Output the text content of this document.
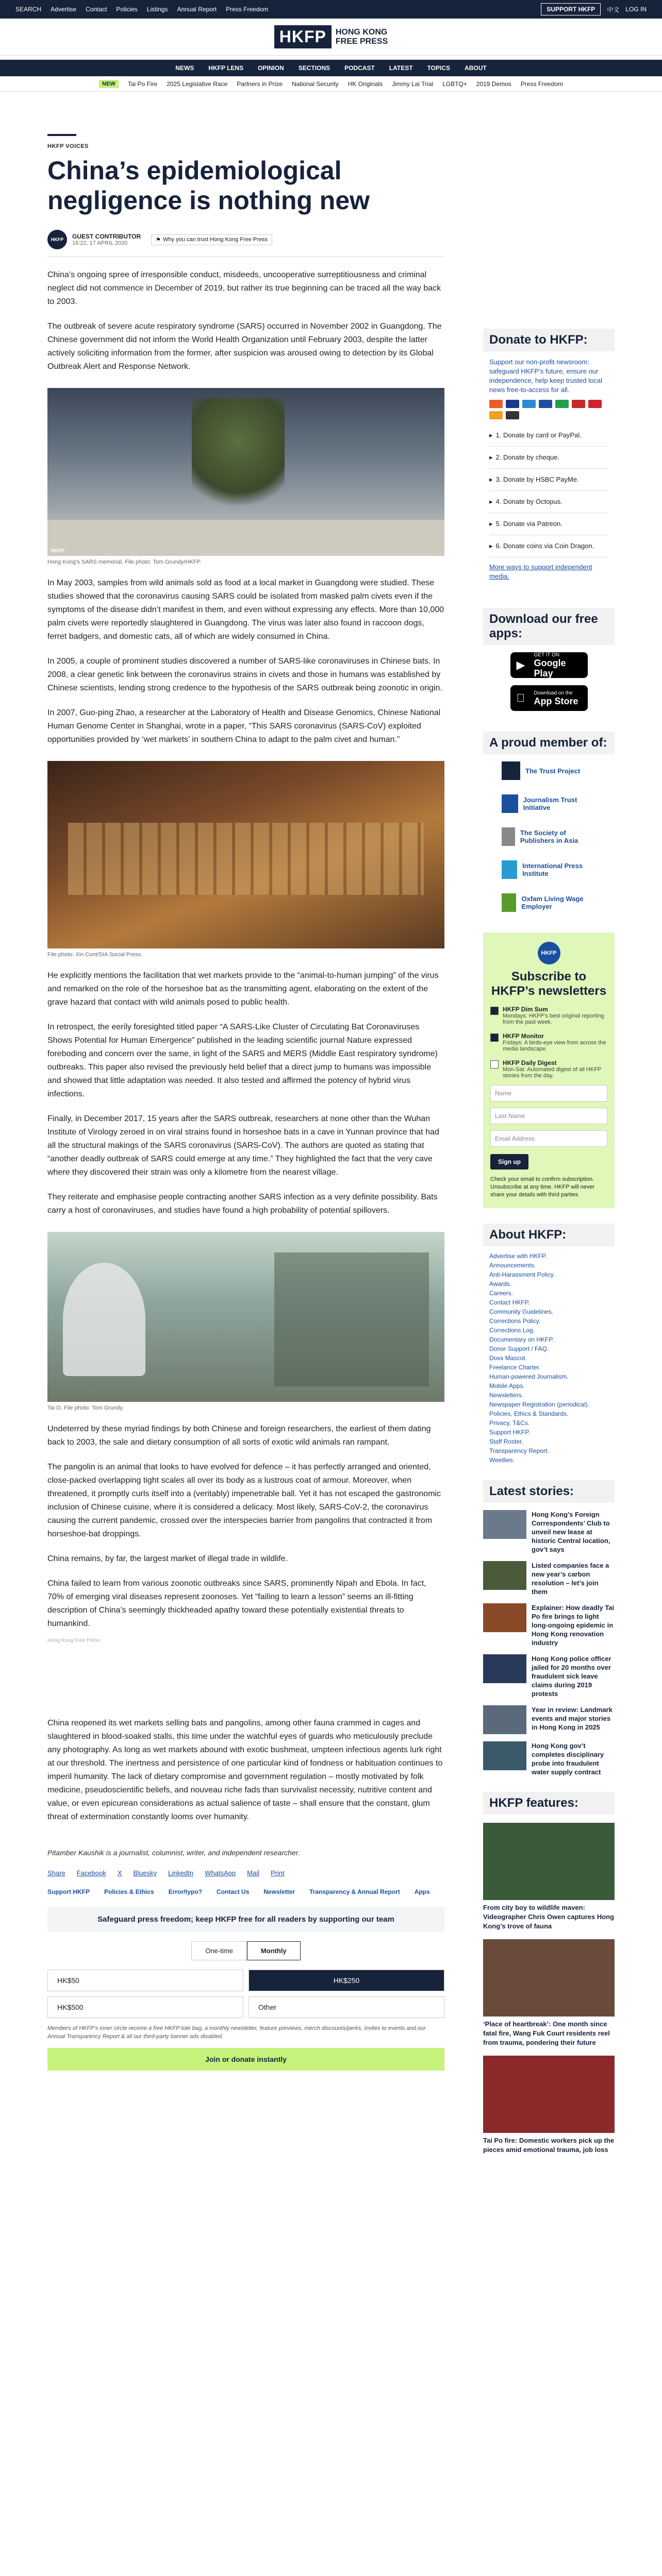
SEARCH Advertise Contact Policies Listings Annual Report Press Freedom	SUPPORT HKFP	中文 LOG IN
HKFP	HONG KONG
FREE PRESS
NEWS HKFP LENS OPINION SECTIONS PODCAST LATEST TOPICS ABOUT
NEW	Tai Po Fire 2025 Legislative Race Partners in Prize National Security HK Originals Jimmy Lai Trial LGBTQ+ 2019 Demos Press Freedom
HKFP VOICES
China’s epidemiological negligence is nothing new
HKFP	GUEST CONTRIBUTOR
16:22, 17 APRIL 2020
⚑ Why you can trust Hong Kong Free Press

China’s ongoing spree of irresponsible conduct, misdeeds, uncooperative surreptitiousness and criminal neglect did not commence in December of 2019, but rather its true beginning can be traced all the way back to 2003.

The outbreak of severe acute respiratory syndrome (SARS) occurred in November 2002 in Guangdong. The Chinese government did not inform the World Health Organization until February 2003, despite the latter actively soliciting information from the former, after suspicion was aroused owing to detection by its Global Outbreak Alert and Response Network.

HKFP
Hong Kong’s SARS memorial. File photo: Tom Grundy/HKFP.

In May 2003, samples from wild animals sold as food at a local market in Guangdong were studied. These studies showed that the coronavirus causing SARS could be isolated from masked palm civets even if the symptoms of the disease didn’t manifest in them, and even without expressing any effects. More than 10,000 palm civets were reportedly slaughtered in Guangdong. The virus was later also found in raccoon dogs, ferret badgers, and domestic cats, all of which are widely consumed in China.

In 2005, a couple of prominent studies discovered a number of SARS-like coronaviruses in Chinese bats. In 2008, a clear genetic link between the coronavirus strains in civets and those in humans was established by Chinese scientists, lending strong credence to the hypothesis of the SARS outbreak being zoonotic in origin.

In 2007, Guo-ping Zhao, a researcher at the Laboratory of Health and Disease Genomics, Chinese National Human Genome Center in Shanghai, wrote in a paper, “This SARS coronavirus (SARS-CoV) exploited opportunities provided by ‘wet markets’ in southern China to adapt to the palm civet and human.”

File photo: Xin Cont/SIA Social Press.

He explicitly mentions the facilitation that wet markets provide to the “animal-to-human jumping” of the virus and remarked on the role of the horseshoe bat as the transmitting agent, elaborating on the extent of the grave hazard that contact with wild animals posed to public health.

In retrospect, the eerily foresighted titled paper “A SARS-Like Cluster of Circulating Bat Coronaviruses Shows Potential for Human Emergence” published in the leading scientific journal Nature expressed foreboding and concern over the same, in light of the SARS and MERS (Middle East respiratory syndrome) outbreaks. This paper also revised the previously held belief that a direct jump to humans was impossible and showed that little adaptation was needed. It also tested and affirmed the potency of hybrid virus infections.

Finally, in December 2017, 15 years after the SARS outbreak, researchers at none other than the Wuhan Institute of Virology zeroed in on viral strains found in horseshoe bats in a cave in Yunnan province that had all the structural makings of the SARS coronavirus (SARS-CoV). The authors are quoted as stating that “another deadly outbreak of SARS could emerge at any time.” They highlighted the fact that the very cave where they discovered their strain was only a kilometre from the nearest village.

They reiterate and emphasise people contracting another SARS infection as a very definite possibility. Bats carry a host of coronaviruses, and studies have found a high probability of potential spillovers.

Tai O. File photo: Tom Grundy.

Undeterred by these myriad findings by both Chinese and foreign researchers, the earliest of them dating back to 2003, the sale and dietary consumption of all sorts of exotic wild animals ran rampant.

The pangolin is an animal that looks to have evolved for defence – it has perfectly arranged and oriented, close-packed overlapping tight scales all over its body as a lustrous coat of armour. Moreover, when threatened, it promptly curls itself into a (veritably) impenetrable ball. Yet it has not escaped the gastronomic inclusion of Chinese cuisine, where it is considered a delicacy. Most likely, SARS-CoV-2, the coronavirus causing the current pandemic, crossed over the interspecies barrier from pangolins that contracted it from horseshoe-bat droppings.

China remains, by far, the largest market of illegal trade in wildlife.

China failed to learn from various zoonotic outbreaks since SARS, prominently Nipah and Ebola. In fact, 70% of emerging viral diseases represent zoonoses. Yet “failing to learn a lesson” seems an ill-fitting description of China’s seemingly thickheaded apathy toward these potentially existential threats to humankind.

Hong Kong Free Press

China reopened its wet markets selling bats and pangolins, among other fauna crammed in cages and slaughtered in blood-soaked stalls, this time under the watchful eyes of guards who meticulously preclude any photography. As long as wet markets abound with exotic bushmeat, umpteen infectious agents lurk right at our threshold. The inertness and persistence of one particular kind of fondness or habituation continues to imperil humanity. The lack of dietary compromise and government regulation – mostly motivated by folk medicine, pseudoscientific beliefs, and nouveau riche fads than survivalist necessity, nutritive content and value, or even epicurean considerations as actual salience of taste – shall ensure that the constant, glum threat of extermination constantly looms over humanity.

Pitamber Kaushik is a journalist, columnist, writer, and independent researcher.
Share Facebook X Bluesky LinkedIn WhatsApp Mail Print
Support HKFP Policies & Ethics Error/typo? Contact Us Newsletter Transparency & Annual Report Apps
Safeguard press freedom; keep HKFP free for all readers by supporting our team
One-time	Monthly
HK$50	HK$250
HK$500	Other
Members of HKFP’s inner circle receive a free HKFP tote bag, a monthly newsletter, feature previews, merch discounts/perks, invites to events and our Annual Transparency Report & all our third-party banner ads disabled.
Join or donate instantly
Donate to HKFP:
Support our non-profit newsroom: safeguard HKFP’s future, ensure our independence, help keep trusted local news free-to-access for all.
▸ 1. Donate by card or PayPal.
▸ 2. Donate by cheque.
▸ 3. Donate by HSBC PayMe.
▸ 4. Donate by Octopus.
▸ 5. Donate via Patreon.
▸ 6. Donate coins via Coin Dragon.
More ways to support independent media.
Download our free apps:
▶
GET IT ON
Google Play
Download on the
App Store
A proud member of:
The Trust Project
Journalism Trust Initiative
The Society of Publishers in Asia
International Press Institute
Oxfam Living Wage Employer
HKFP
Subscribe to HKFP’s newsletters
HKFP Dim Sum
Mondays: HKFP’s best original reporting from the past week.
HKFP Monitor
Fridays: A birds-eye view from across the media landscape.
HKFP Daily Digest
Mon-Sat: Automated digest of all HKFP stories from the day.
Name
Last Name
Email Address
Sign up
Check your email to confirm subscription. Unsubscribe at any time. HKFP will never share your details with third parties.
About HKFP:
Advertise with HKFP.
Announcements.
Anti-Harassment Policy.
Awards.
Careers.
Contact HKFP.
Community Guidelines.
Corrections Policy.
Corrections Log.
Documentary on HKFP.
Donor Support / FAQ.
Doxx Mascot.
Freelance Charter.
Human-powered Journalism.
Mobile Apps.
Newsletters.
Newspaper Registration (periodical).
Policies, Ethics & Standards.
Privacy, T&Cs.
Support HKFP.
Staff Roster.
Transparency Report.
Weetlies.
Latest stories:
Hong Kong’s Foreign Correspondents’ Club to unveil new lease at historic Central location, gov’t says
Listed companies face a new year’s carbon resolution – let’s join them
Explainer: How deadly Tai Po fire brings to light long-ongoing epidemic in Hong Kong renovation industry
Hong Kong police officer jailed for 20 months over fraudulent sick leave claims during 2019 protests
Year in review: Landmark events and major stories in Hong Kong in 2025
Hong Kong gov’t completes disciplinary probe into fraudulent water supply contract
HKFP features:
From city boy to wildlife maven: Videographer Chris Owen captures Hong Kong’s trove of fauna
‘Place of heartbreak’: One month since fatal fire, Wang Fuk Court residents reel from trauma, pondering their future
Tai Po fire: Domestic workers pick up the pieces amid emotional trauma, job loss
